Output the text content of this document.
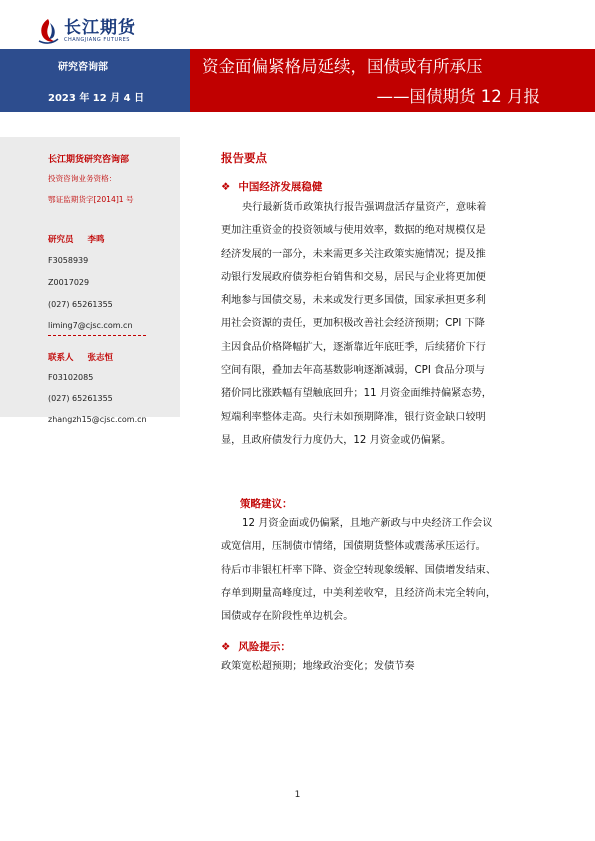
长江期货
CHANGJIANG FUTURES
研究咨询部
2023 年 12 月 4 日
资金面偏紧格局延续，国债或有所承压
——国债期货 12 月报
长江期货研究咨询部
投资咨询业务资格：
鄂证监期货字[2014]1 号
研究员 李鸣
F3058939
Z0017029
(027) 65261355
liming7@cjsc.com.cn
联系人 张志恒
F03102085
(027) 65261355
zhangzh15@cjsc.com.cn
报告要点
❖ 中国经济发展稳健
央行最新货币政策执行报告强调盘活存量资产，意味着
更加注重资金的投资领域与使用效率，数据的绝对规模仅是
经济发展的一部分，未来需更多关注政策实施情况；提及推
动银行发展政府债券柜台销售和交易，居民与企业将更加便
利地参与国债交易，未来或发行更多国债，国家承担更多利
用社会资源的责任，更加积极改善社会经济预期；CPI 下降
主因食品价格降幅扩大，逐渐靠近年底旺季，后续猪价下行
空间有限，叠加去年高基数影响逐渐减弱，CPI 食品分项与
猪价同比涨跌幅有望触底回升；11 月资金面维持偏紧态势，
短端利率整体走高。央行未如预期降准，银行资金缺口较明
显，且政府债发行力度仍大，12 月资金或仍偏紧。
策略建议：
12 月资金面或仍偏紧，且地产新政与中央经济工作会议
或宽信用，压制债市情绪，国债期货整体或震荡承压运行。
待后市非银杠杆率下降、资金空转现象缓解、国债增发结束、
存单到期量高峰度过，中美利差收窄，且经济尚未完全转向，
国债或存在阶段性单边机会。
❖ 风险提示：
政策宽松超预期；地缘政治变化；发债节奏
1
